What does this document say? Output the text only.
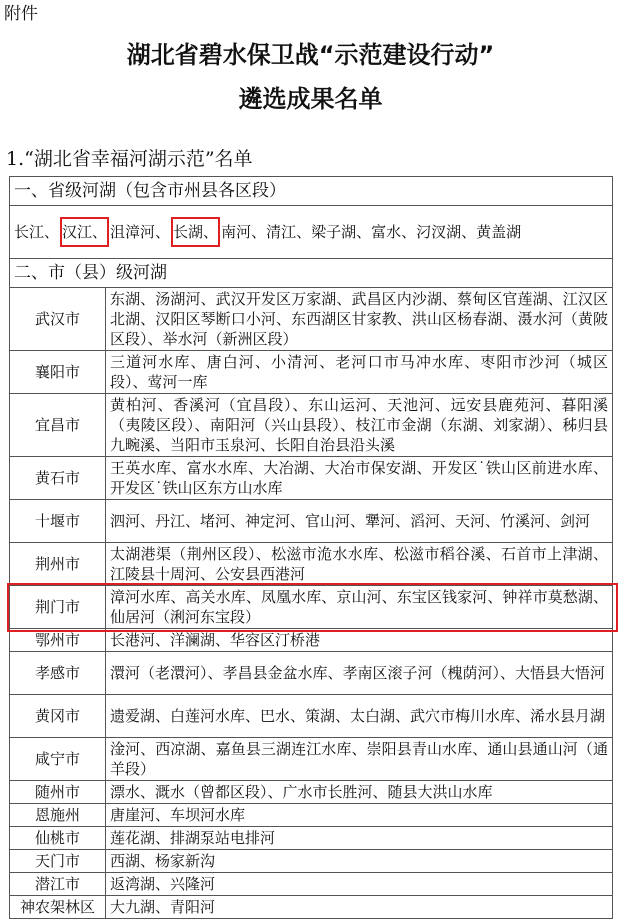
附件
湖北省碧水保卫战“示范建设行动”
遴选成果名单
1.“湖北省幸福河湖示范”名单
一、省级河湖（包含市州县各区段）	
长江、 汉江、 沮漳河、 长湖、 南河、清江、梁子湖、富水、汈汊湖、黄盖湖	
二、市（县）级河湖	
武汉市	东湖、汤湖河、武汉开发区万家湖、武昌区内沙湖、蔡甸区官莲湖、江汉区北湖、汉阳区琴断口小河、东西湖区甘家教、洪山区杨春湖、滠水河（黄陂区段）、举水河（新洲区段）
襄阳市	三道河水库、唐白河、小清河、老河口市马冲水库、枣阳市沙河（城区段）、莺河一库
宜昌市	黄柏河、香溪河（宜昌段）、东山运河、天池河、远安县鹿苑河、暮阳溪（夷陵区段）、南阳河（兴山县段）、枝江市金湖（东湖、刘家湖）、秭归县九畹溪、当阳市玉泉河、长阳自治县沿头溪
黄石市	王英水库、富水水库、大冶湖、大冶市保安湖、开发区˙铁山区前进水库、开发区˙铁山区东方山水库
十堰市	泗河、丹江、堵河、神定河、官山河、犟河、滔河、天河、竹溪河、剑河
荆州市	太湖港渠（荆州区段）、松滋市洈水水库、松滋市稻谷溪、石首市上津湖、江陵县十周河、公安县西港河
荆门市	漳河水库、高关水库、凤凰水库、京山河、东宝区钱家河、钟祥市莫愁湖、仙居河（浰河东宝段）
鄂州市	长港河、洋澜湖、华容区汀桥港
孝感市	澴河（老澴河）、孝昌县金盆水库、孝南区滚子河（槐荫河）、大悟县大悟河
黄冈市	遗爱湖、白莲河水库、巴水、策湖、太白湖、武穴市梅川水库、浠水县月湖
咸宁市	淦河、西凉湖、嘉鱼县三湖连江水库、崇阳县青山水库、通山县通山河（通羊段）
随州市	漂水、溉水（曾都区段）、广水市长胜河、随县大洪山水库
恩施州	唐崖河、车坝河水库
仙桃市	莲花湖、排湖泵站电排河
天门市	西湖、杨家新沟
潜江市	返湾湖、兴隆河
神农架林区	大九湖、青阳河
